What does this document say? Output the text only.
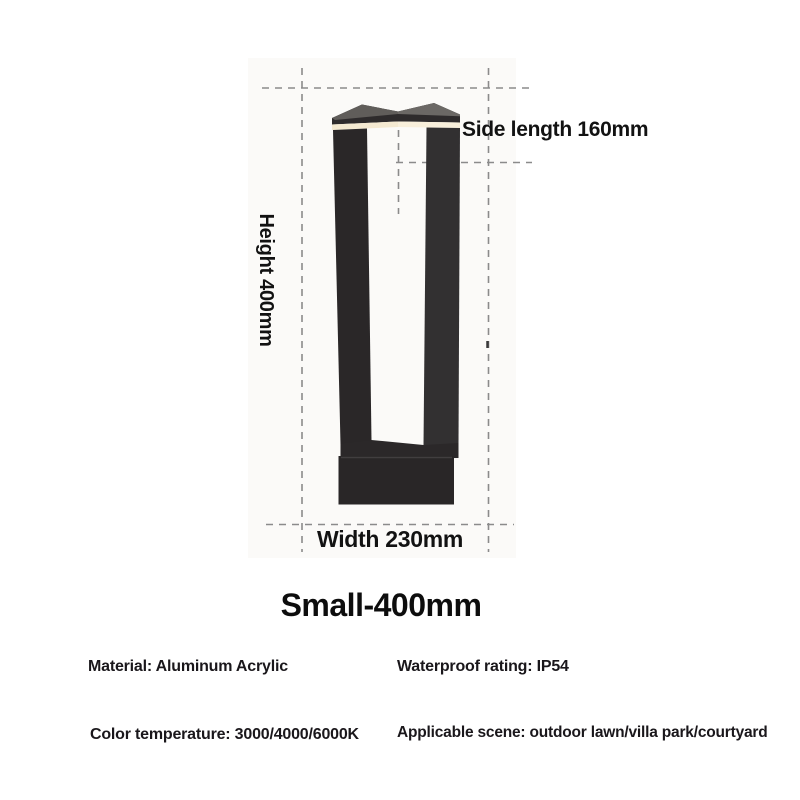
Side length 160mm
Height 400mm
Width 230mm
Small-400mm
Material: Aluminum Acrylic	Waterproof rating: IP54
Color temperature: 3000/4000/6000K Applicable scene: outdoor lawn/villa park/courtyard
